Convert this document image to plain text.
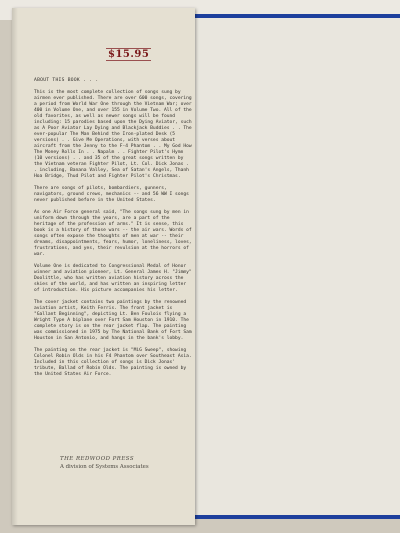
$15.95
ABOUT THIS BOOK . . .

This is the most complete collection of songs sung by airmen ever published. There are over 600 songs, covering a period from World War One through the Vietnam War; over 400 in Volume One, and over 155 in Volume Two. All of the old favorites, as well as newer songs will be found including: 15 parodies based upon the Dying Aviator, such as A Poor Aviator Lay Dying and Blackjack Buddies . . The ever-popular The Man Behind the Iron-plated Desk (5 versions) . . Give Me Operations, with verses about aircraft from the Jenny to the F-4 Phantom . . My God How The Money Rolls In . . Napalm . . Fighter Pilot's Hymn (10 versions) . . and 35 of the great songs written by the Vietnam veteran Fighter Pilot, Lt. Col. Dick Jonas . . including, Banana Valley, Sea of Satan's Angels, Thanh Hoa Bridge, Thud Pilot and Fighter Pilot's Christmas.

There are songs of pilots, bombardiers, gunners, navigators, ground crews, mechanics -- and 56 WW I songs never published before in the United States.

As one Air Force general said, "The songs sung by men in uniform down through the years, are a part of the heritage of the profession of arms." It is sense, this book is a history of those wars -- the air wars. Words of songs often expose the thoughts of men at war -- their dreams, disappointments, fears, humor, loneliness, loves, frustrations, and yes, their revulsion at the horrors of war.

Volume One is dedicated to Congressional Medal of Honor winner and aviation pioneer, Lt. General James H. "Jimmy" Doolittle, who has written aviation history across the skies of the world, and has written an inspiring letter of introduction. His picture accompanies his letter.

The cover jacket contains two paintings by the renowned aviation artist, Keith Ferris. The front jacket is "Gallant Beginning", depicting Lt. Ben Foulois flying a Wright Type A biplane over Fort Sam Houston in 1910. The complete story is on the rear jacket flap. The painting was commissioned in 1975 by The National Bank of Fort Sam Houston in San Antonio, and hangs in the bank's lobby.

The painting on the rear jacket is "MiG Sweep", showing Colonel Robin Olds in his F4 Phantom over Southeast Asia. Included in this collection of songs is Dick Jonas' tribute, Ballad of Robin Olds. The painting is owned by the United States Air Force.

THE REDWOOD PRESS
A division of Systems Associates
